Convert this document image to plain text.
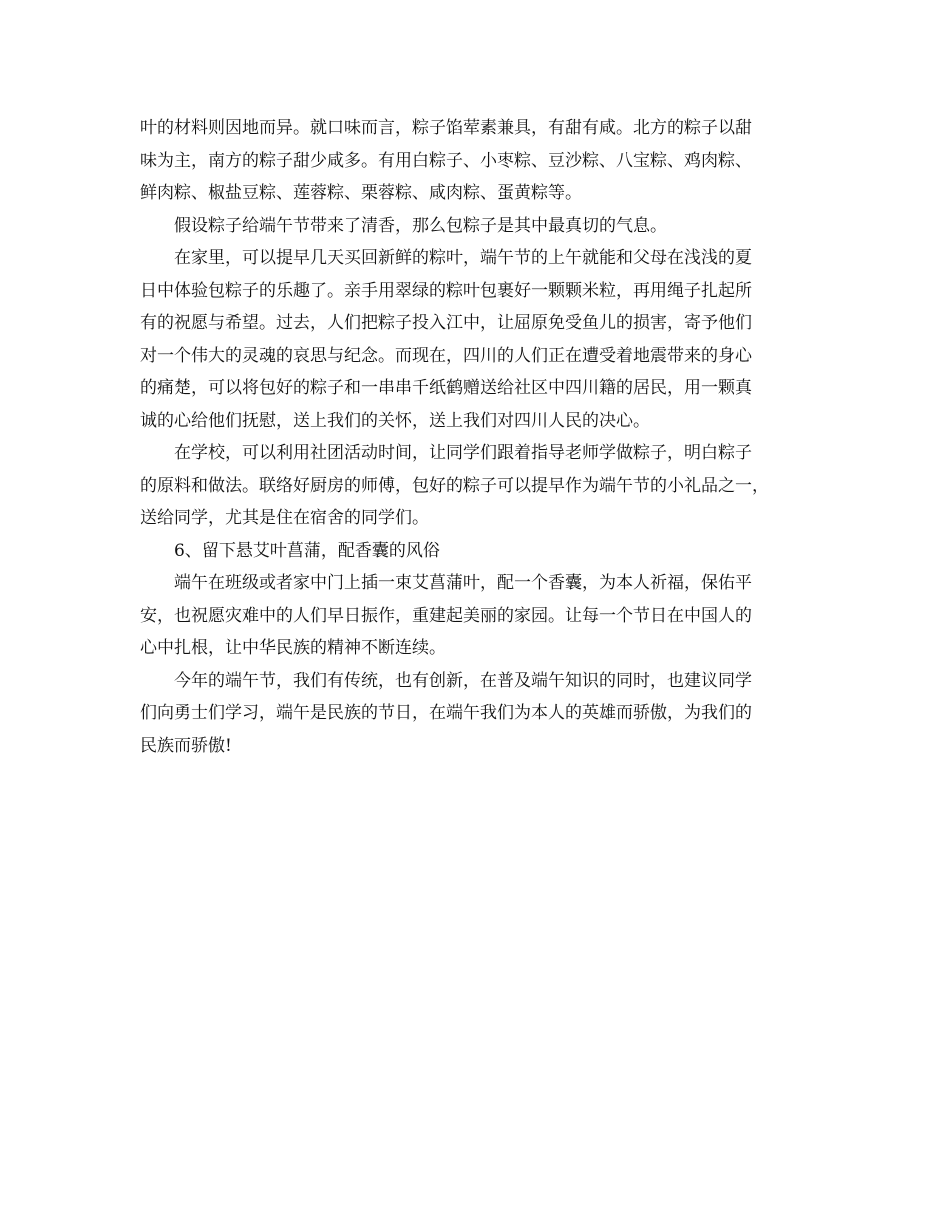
叶的材料则因地而异。就口味而言，粽子馅荤素兼具，有甜有咸。北方的粽子以甜
味为主，南方的粽子甜少咸多。有用白粽子、小枣粽、豆沙粽、八宝粽、鸡肉粽、
鲜肉粽、椒盐豆粽、莲蓉粽、栗蓉粽、咸肉粽、蛋黄粽等。
假设粽子给端午节带来了清香，那么包粽子是其中最真切的气息。
在家里，可以提早几天买回新鲜的粽叶，端午节的上午就能和父母在浅浅的夏
日中体验包粽子的乐趣了。亲手用翠绿的粽叶包裹好一颗颗米粒，再用绳子扎起所
有的祝愿与希望。过去，人们把粽子投入江中，让屈原免受鱼儿的损害，寄予他们
对一个伟大的灵魂的哀思与纪念。而现在，四川的人们正在遭受着地震带来的身心
的痛楚，可以将包好的粽子和一串串千纸鹤赠送给社区中四川籍的居民，用一颗真
诚的心给他们抚慰，送上我们的关怀，送上我们对四川人民的决心。
在学校，可以利用社团活动时间，让同学们跟着指导老师学做粽子，明白粽子
的原料和做法。联络好厨房的师傅，包好的粽子可以提早作为端午节的小礼品之一，
送给同学，尤其是住在宿舍的同学们。
6、留下悬艾叶菖蒲，配香囊的风俗
端午在班级或者家中门上插一束艾菖蒲叶，配一个香囊，为本人祈福，保佑平
安，也祝愿灾难中的人们早日振作，重建起美丽的家园。让每一个节日在中国人的
心中扎根，让中华民族的精神不断连续。
今年的端午节，我们有传统，也有创新，在普及端午知识的同时，也建议同学
们向勇士们学习，端午是民族的节日，在端午我们为本人的英雄而骄傲，为我们的
民族而骄傲!
